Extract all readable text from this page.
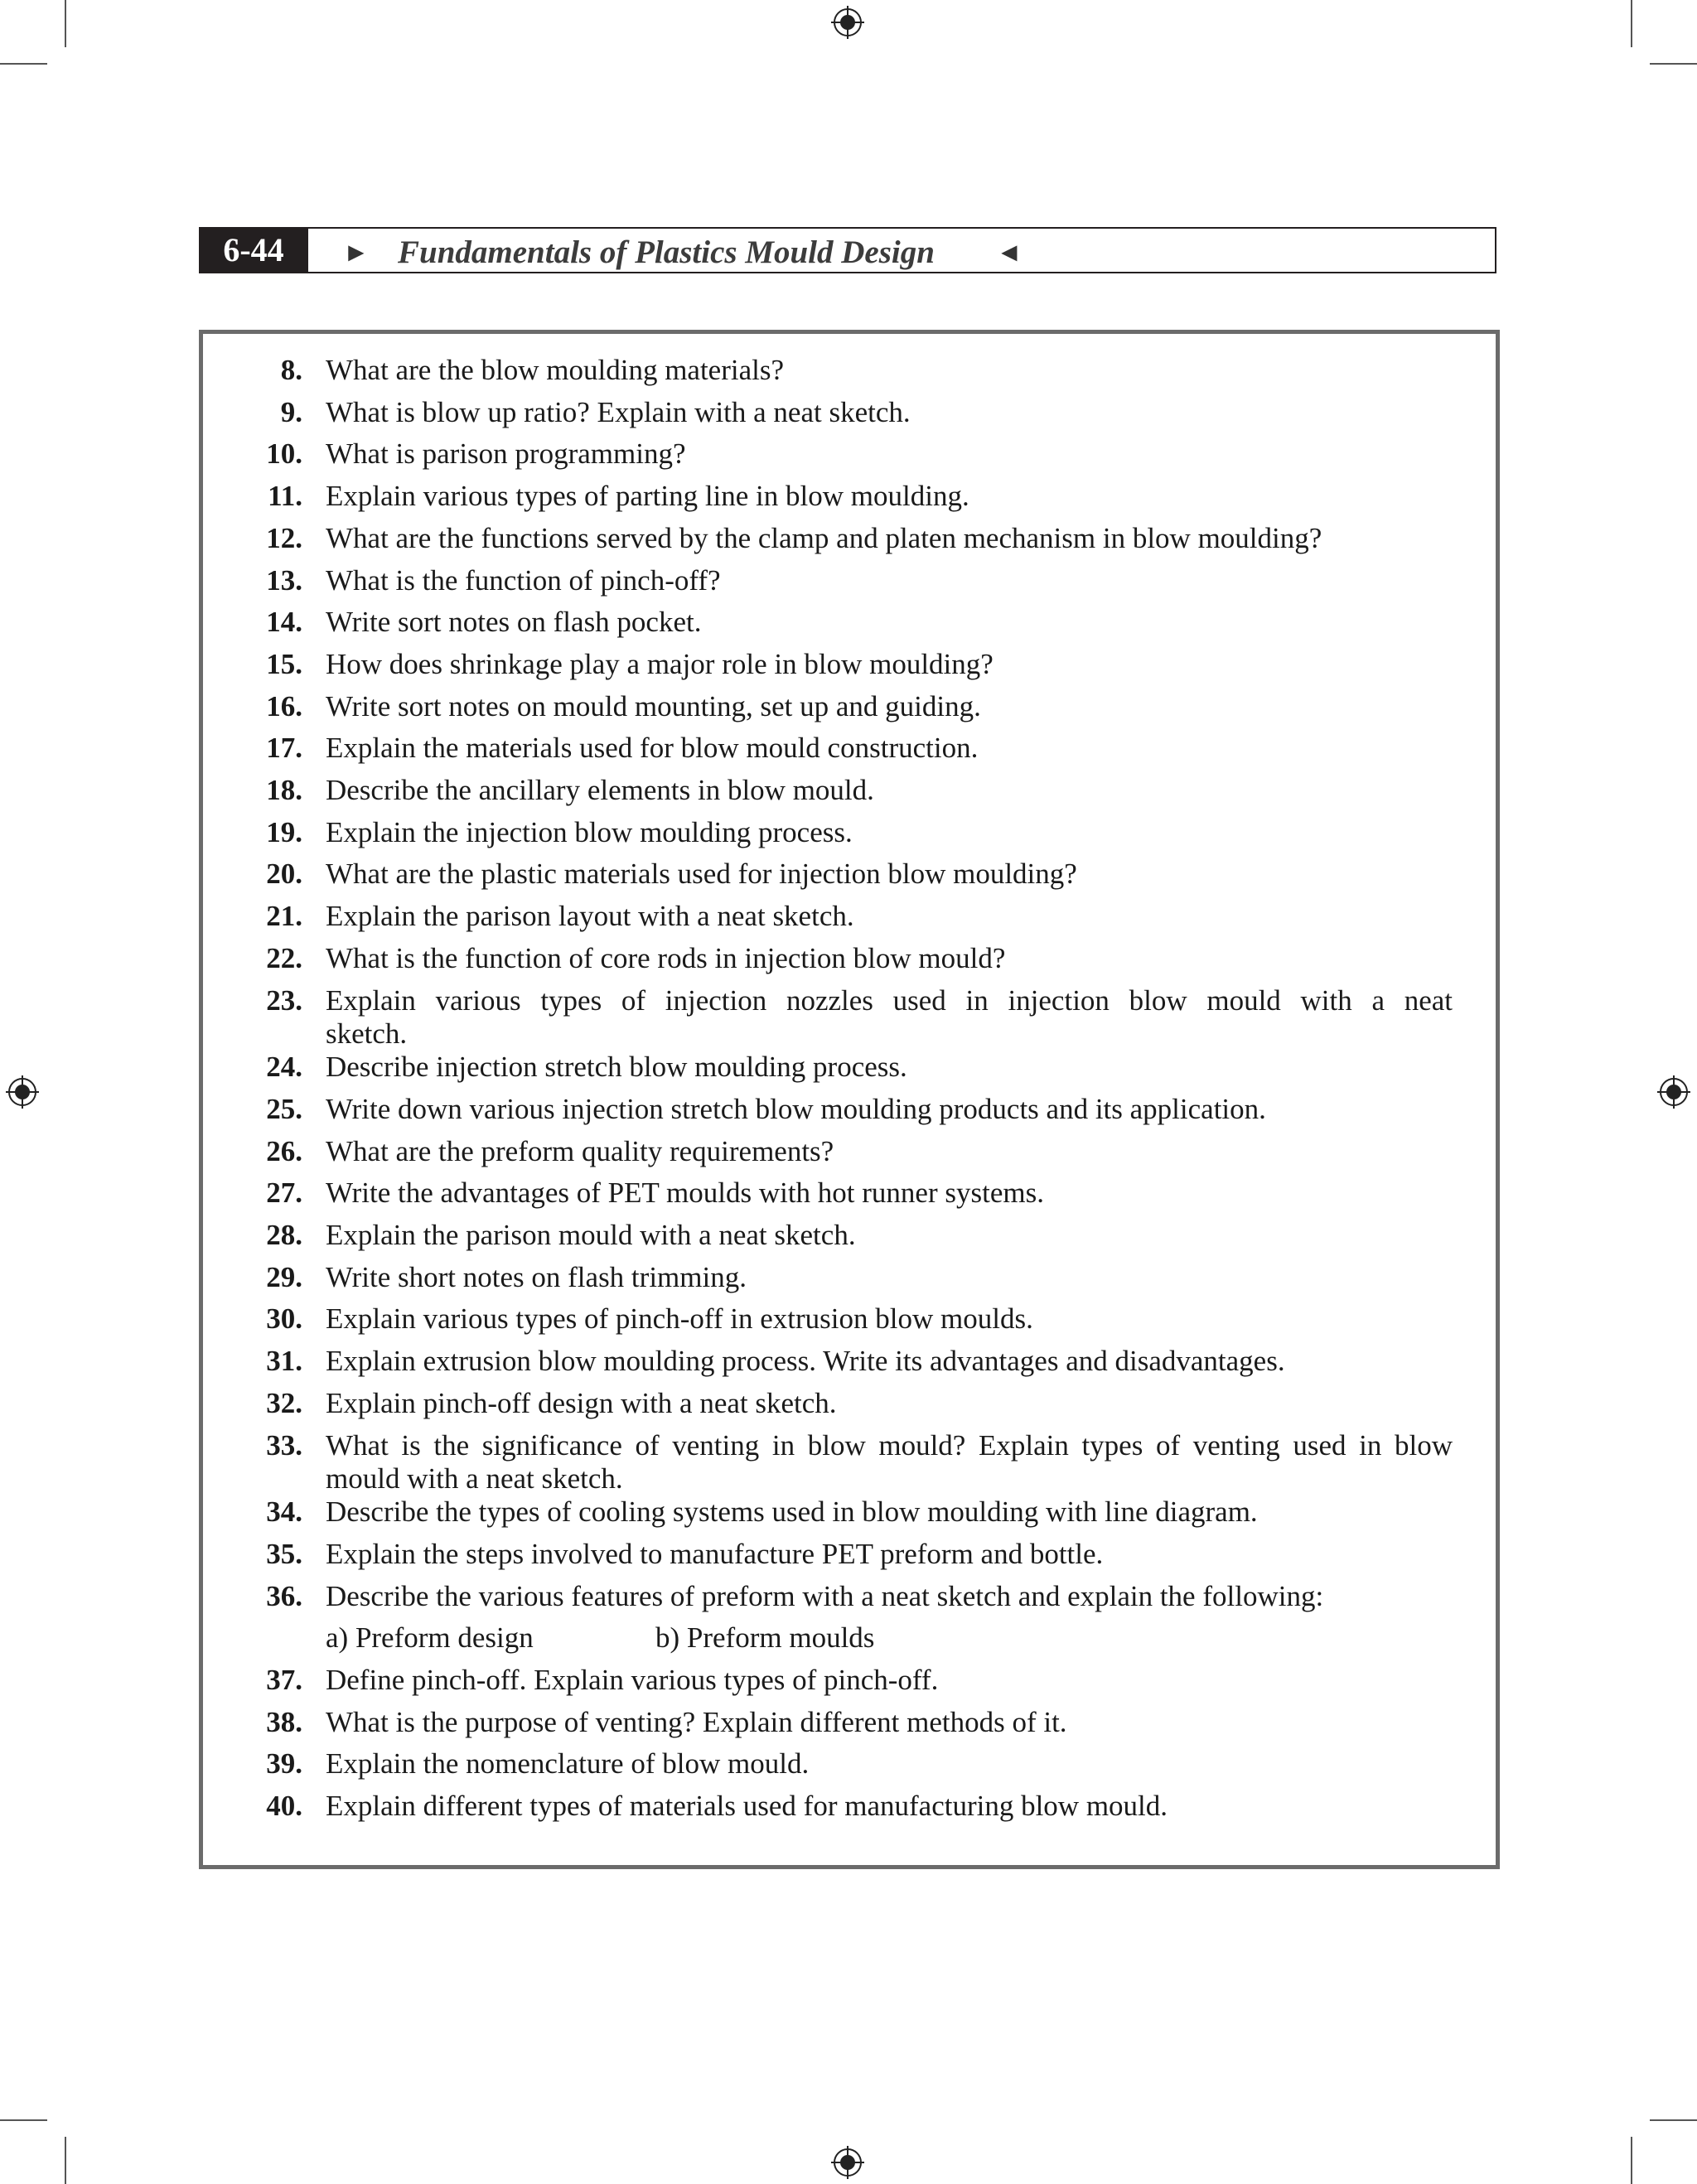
6-44	► Fundamentals of Plastics Mould Design ◄
8. What are the blow moulding materials?
9. What is blow up ratio? Explain with a neat sketch.
10. What is parison programming?
11. Explain various types of parting line in blow moulding.
12. What are the functions served by the clamp and platen mechanism in blow moulding?
13. What is the function of pinch-off?
14. Write sort notes on flash pocket.
15. How does shrinkage play a major role in blow moulding?
16. Write sort notes on mould mounting, set up and guiding.
17. Explain the materials used for blow mould construction.
18. Describe the ancillary elements in blow mould.
19. Explain the injection blow moulding process.
20. What are the plastic materials used for injection blow moulding?
21. Explain the parison layout with a neat sketch.
22. What is the function of core rods in injection blow mould?
23. Explain various types of injection nozzles used in injection blow mould with a neat
sketch.
24. Describe injection stretch blow moulding process.
25. Write down various injection stretch blow moulding products and its application.
26. What are the preform quality requirements?
27. Write the advantages of PET moulds with hot runner systems.
28. Explain the parison mould with a neat sketch.
29. Write short notes on flash trimming.
30. Explain various types of pinch-off in extrusion blow moulds.
31. Explain extrusion blow moulding process. Write its advantages and disadvantages.
32. Explain pinch-off design with a neat sketch.
33. What is the significance of venting in blow mould? Explain types of venting used in blow
mould with a neat sketch.
34. Describe the types of cooling systems used in blow moulding with line diagram.
35. Explain the steps involved to manufacture PET preform and bottle.
36. Describe the various features of preform with a neat sketch and explain the following:
a) Preform design	b) Preform moulds
37. Define pinch-off. Explain various types of pinch-off.
38. What is the purpose of venting? Explain different methods of it.
39. Explain the nomenclature of blow mould.
40. Explain different types of materials used for manufacturing blow mould.
